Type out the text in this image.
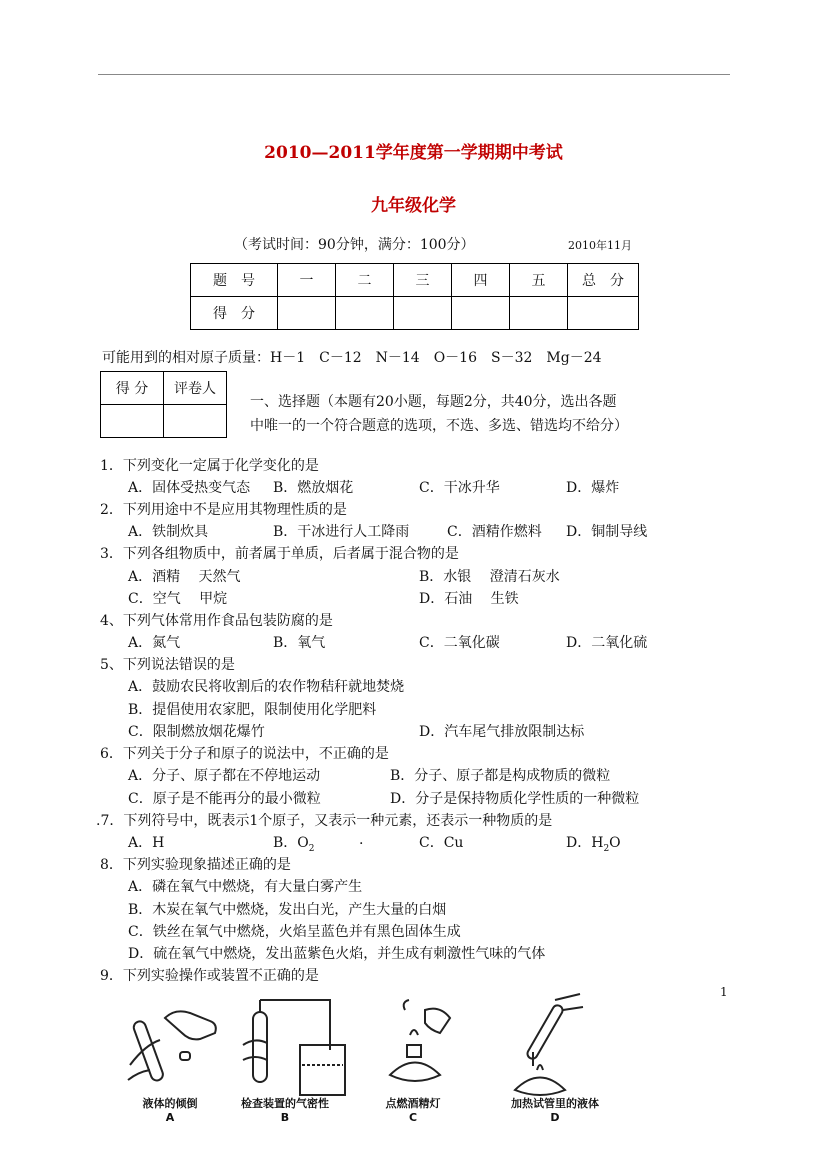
2010—2011学年度第一学期期中考试
九年级化学
（考试时间：90分钟，满分：100分）	2010年11月
题　号	一	二	三	四	五	总　分
得　分						
可能用到的相对原子质量：H－1　C－12　N－14　O－16　S－32　Mg－24
得 分	评卷人

一、选择题（本题有20小题，每题2分，共40分，选出各题
中唯一的一个符合题意的选项，不选、多选、错选均不给分）
1．下列变化一定属于化学变化的是
A．固体受热变气态 B．燃放烟花	C．干冰升华	D．爆炸
2．下列用途中不是应用其物理性质的是
A．铁制炊具	B．干冰进行人工降雨	C．酒精作燃料 D．铜制导线
3．下列各组物质中，前者属于单质，后者属于混合物的是
A．酒精　 天然气	B．水银　 澄清石灰水
C．空气　 甲烷	D．石油　 生铁
4、下列气体常用作食品包装防腐的是
A．氮气	B．氧气	C．二氧化碳	D．二氧化硫
5、下列说法错误的是
A．鼓励农民将收割后的农作物秸秆就地焚烧
B．提倡使用农家肥，限制使用化学肥料
C．限制燃放烟花爆竹	D．汽车尾气排放限制达标
6．下列关于分子和原子的说法中，不正确的是
A．分子、原子都在不停地运动	B．分子、原子都是构成物质的微粒
C．原子是不能再分的最小微粒	D．分子是保持物质化学性质的一种微粒
.7．下列符号中，既表示1个原子，又表示一种元素，还表示一种物质的是
A．H	B．$O_2$
.	C．Cu	D．$H_2O$
8．下列实验现象描述正确的是
A．磷在氧气中燃烧，有大量白雾产生
B．木炭在氧气中燃烧，发出白光，产生大量的白烟
C．铁丝在氧气中燃烧，火焰呈蓝色并有黑色固体生成
D．硫在氧气中燃烧，发出蓝紫色火焰，并生成有刺激性气味的气体
9．下列实验操作或装置不正确的是
1
液体的倾倒
A
检查装置的气密性
B
点燃酒精灯
C
加热试管里的液体
D
